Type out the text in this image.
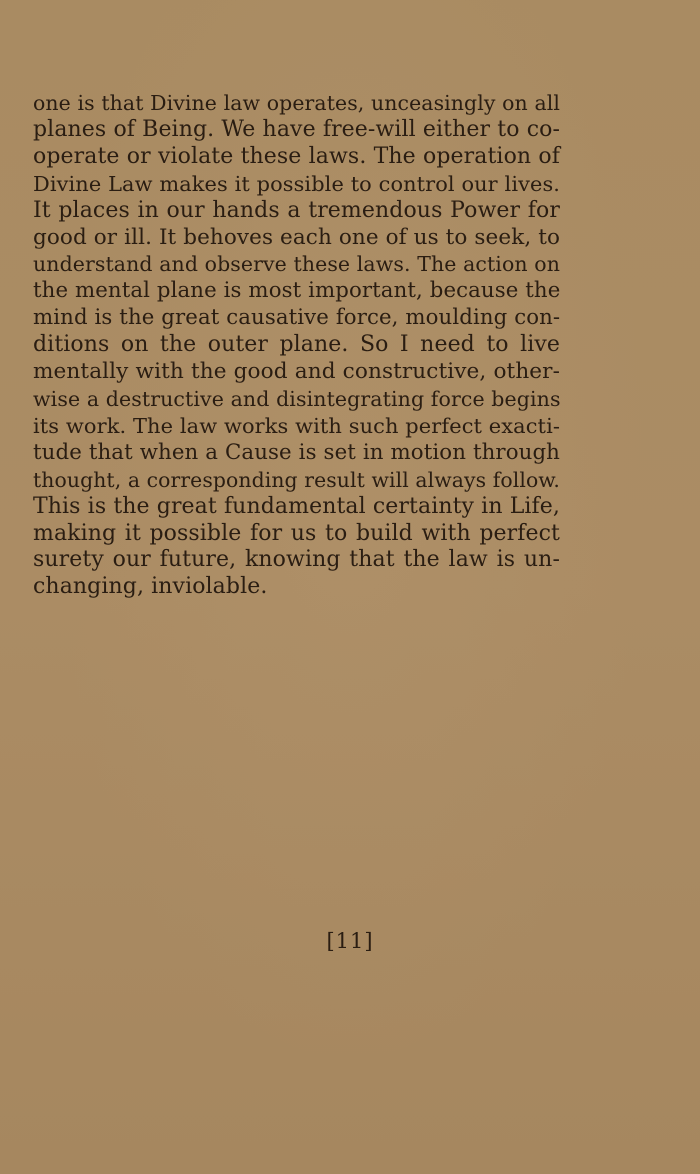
one is that Divine law operates, unceasingly on all
planes of Being. We have free-will either to co-
operate or violate these laws. The operation of
Divine Law makes it possible to control our lives.
It places in our hands a tremendous Power for
good or ill. It behoves each one of us to seek, to
understand and observe these laws. The action on
the mental plane is most important, because the
mind is the great causative force, moulding con-
ditions on the outer plane. So I need to live
mentally with the good and constructive, other-
wise a destructive and disintegrating force begins
its work. The law works with such perfect exacti-
tude that when a Cause is set in motion through
thought, a corresponding result will always follow.
This is the great fundamental certainty in Life,
making it possible for us to build with perfect
surety our future, knowing that the law is un-
changing, inviolable.
[11]
